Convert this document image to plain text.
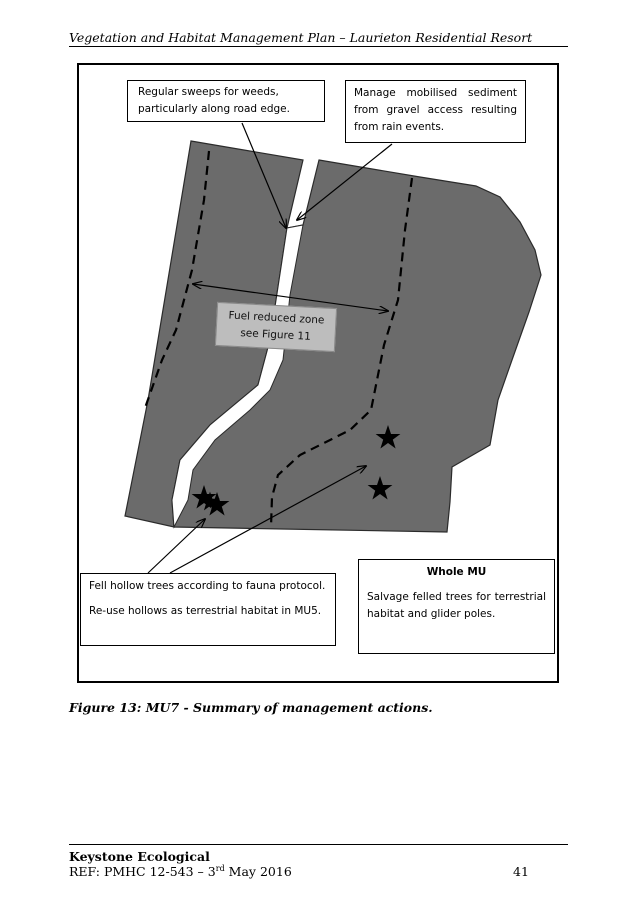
Vegetation and Habitat Management Plan – Laurieton Residential Resort
Fuel reduced zone
see Figure 11
Regular sweeps for weeds,
particularly along road edge.
Manage mobilised sediment
from gravel access resulting
from rain events.

Fell hollow trees according to fauna protocol.

Re-use hollows as terrestrial habitat in MU5.

Whole MU
Salvage felled trees for terrestrial habitat and glider poles.
Figure 13: MU7 - Summary of management actions.
Keystone Ecological
REF: PMHC 12-543 – 3rd May 2016	41
